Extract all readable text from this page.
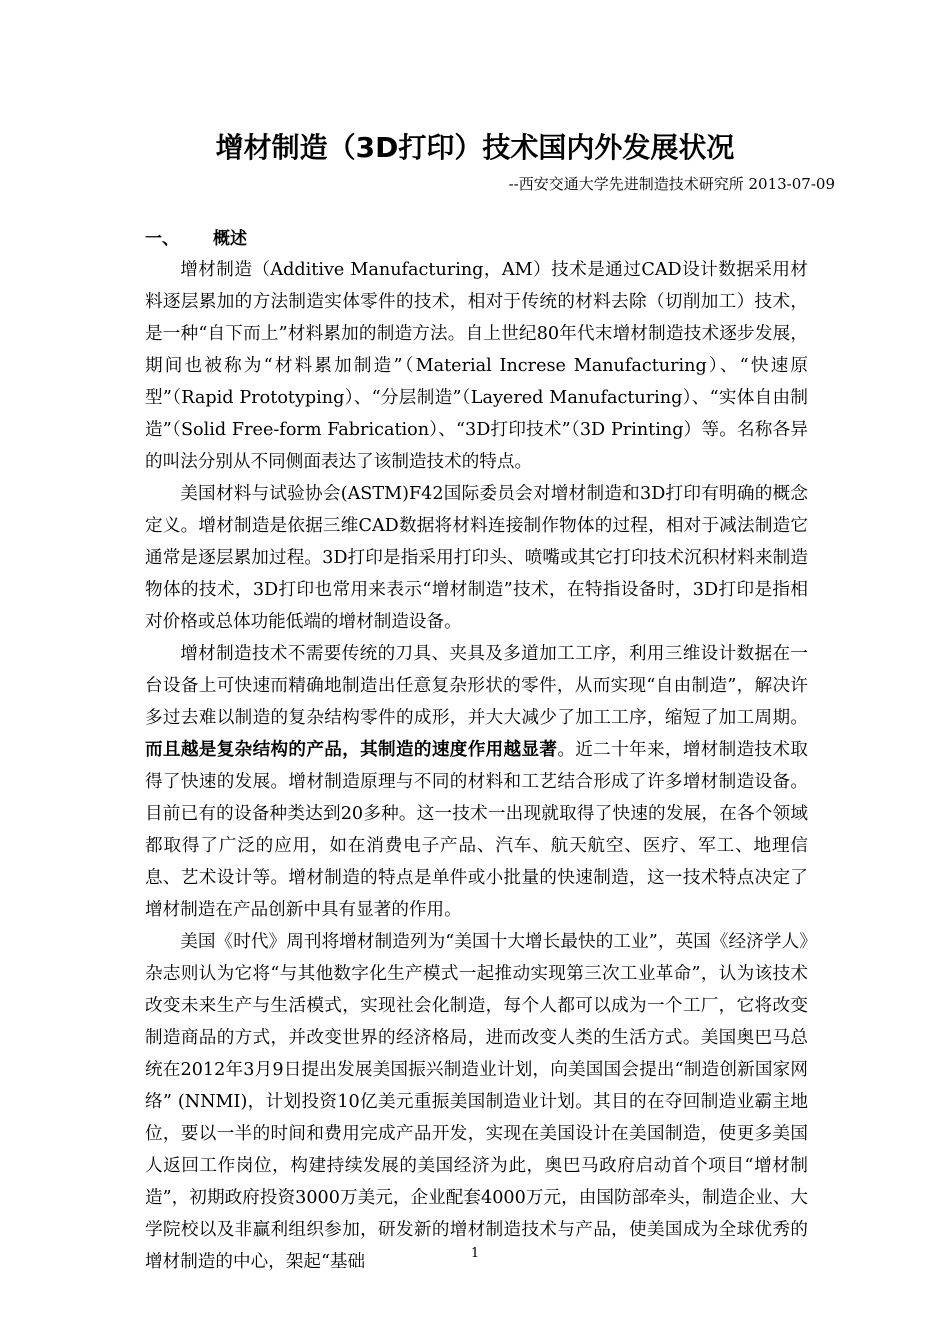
增材制造（3D打印）技术国内外发展状况
--西安交通大学先进制造技术研究所 2013-07-09
一、 概述

增材制造（Additive Manufacturing，AM）技术是通过CAD设计数据采用材料逐层累加的方法制造实体零件的技术，相对于传统的材料去除（切削加工）技术，是一种“自下而上”材料累加的制造方法。自上世纪80年代末增材制造技术逐步发展，期间也被称为“材料累加制造”（Material Increse Manufacturing）、“快速原型”（Rapid Prototyping）、“分层制造”（Layered Manufacturing）、“实体自由制造”（Solid Free-form Fabrication）、“3D打印技术”（3D Printing）等。名称各异的叫法分别从不同侧面表达了该制造技术的特点。

美国材料与试验协会(ASTM)F42国际委员会对增材制造和3D打印有明确的概念定义。增材制造是依据三维CAD数据将材料连接制作物体的过程，相对于减法制造它通常是逐层累加过程。3D打印是指采用打印头、喷嘴或其它打印技术沉积材料来制造物体的技术，3D打印也常用来表示“增材制造”技术，在特指设备时，3D打印是指相对价格或总体功能低端的增材制造设备。

增材制造技术不需要传统的刀具、夹具及多道加工工序，利用三维设计数据在一台设备上可快速而精确地制造出任意复杂形状的零件，从而实现“自由制造”，解决许多过去难以制造的复杂结构零件的成形，并大大减少了加工工序，缩短了加工周期。而且越是复杂结构的产品，其制造的速度作用越显著。近二十年来，增材制造技术取得了快速的发展。增材制造原理与不同的材料和工艺结合形成了许多增材制造设备。目前已有的设备种类达到20多种。这一技术一出现就取得了快速的发展，在各个领域都取得了广泛的应用，如在消费电子产品、汽车、航天航空、医疗、军工、地理信息、艺术设计等。增材制造的特点是单件或小批量的快速制造，这一技术特点决定了增材制造在产品创新中具有显著的作用。

美国《时代》周刊将增材制造列为“美国十大增长最快的工业”，英国《经济学人》杂志则认为它将“与其他数字化生产模式一起推动实现第三次工业革命”，认为该技术改变未来生产与生活模式，实现社会化制造，每个人都可以成为一个工厂，它将改变制造商品的方式，并改变世界的经济格局，进而改变人类的生活方式。美国奥巴马总统在2012年3月9日提出发展美国振兴制造业计划，向美国国会提出“制造创新国家网络” (NNMI)，计划投资10亿美元重振美国制造业计划。其目的在夺回制造业霸主地位，要以一半的时间和费用完成产品开发，实现在美国设计在美国制造，使更多美国人返回工作岗位，构建持续发展的美国经济为此，奥巴马政府启动首个项目“增材制造”，初期政府投资3000万美元，企业配套4000万元，由国防部牵头，制造企业、大学院校以及非赢利组织参加，研发新的增材制造技术与产品，使美国成为全球优秀的增材制造的中心，架起“基础	1
